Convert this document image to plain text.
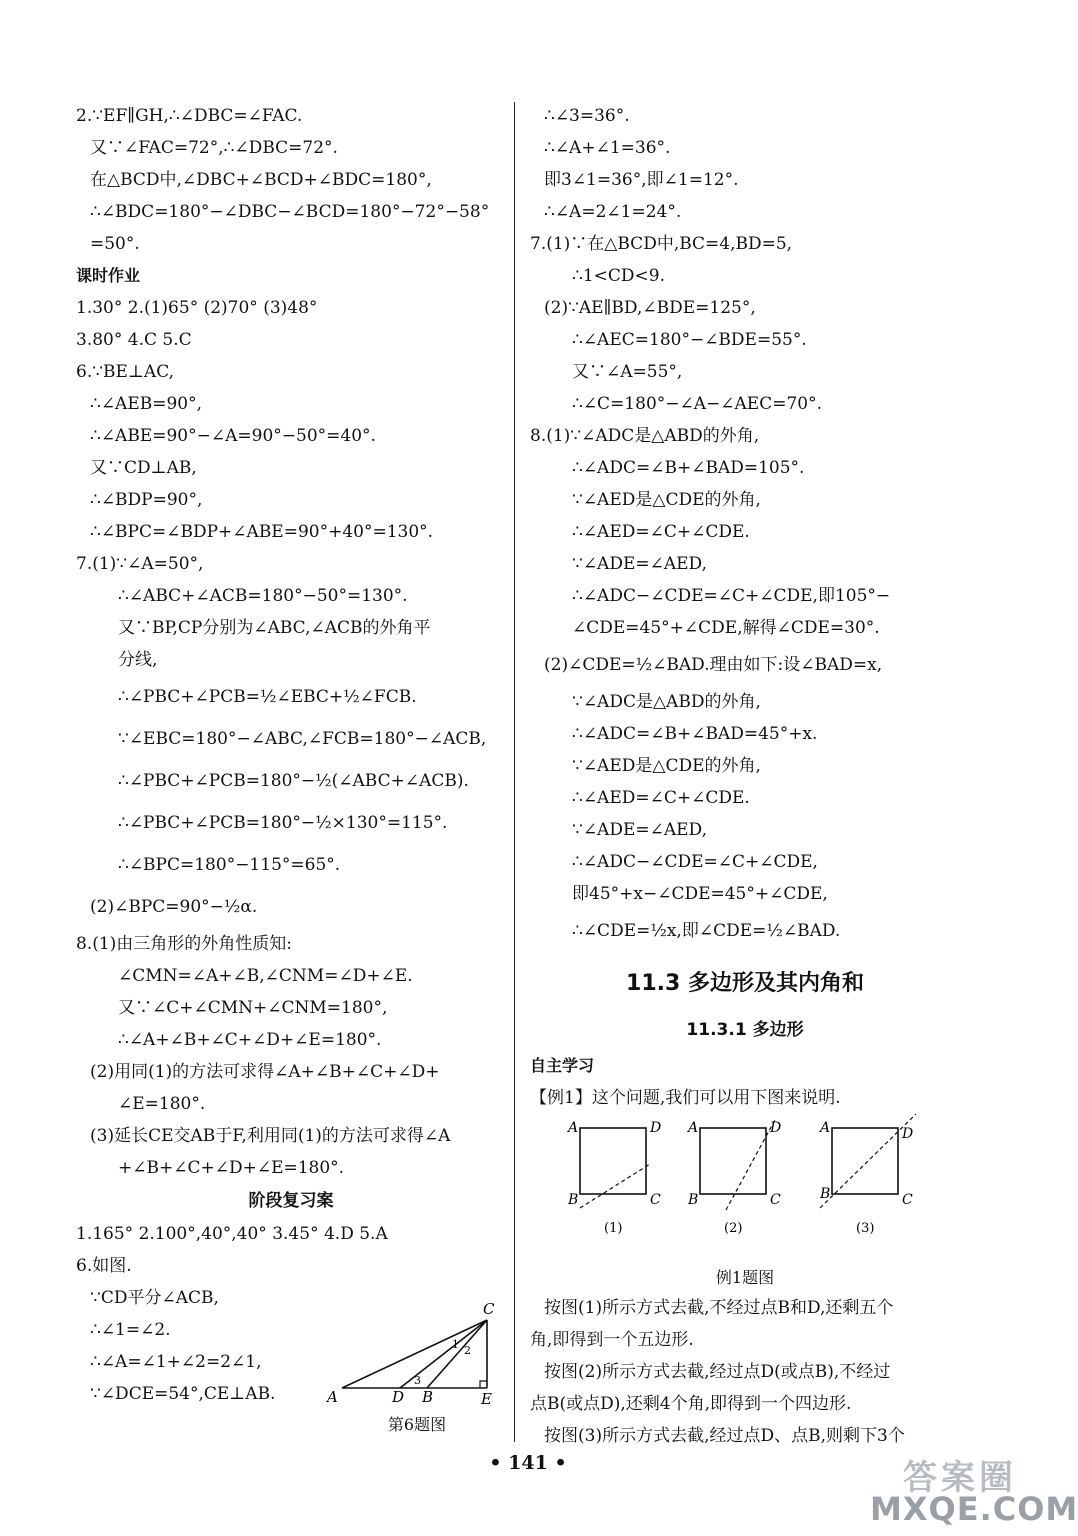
2.∵EF∥GH,∴∠DBC=∠FAC.
又∵∠FAC=72°,∴∠DBC=72°.
在△BCD中,∠DBC+∠BCD+∠BDC=180°,
∴∠BDC=180°−∠DBC−∠BCD=180°−72°−58°
=50°.
课时作业
1.30° 2.(1)65° (2)70° (3)48°
3.80° 4.C 5.C
6.∵BE⊥AC,
∴∠AEB=90°,
∴∠ABE=90°−∠A=90°−50°=40°.
又∵CD⊥AB,
∴∠BDP=90°,
∴∠BPC=∠BDP+∠ABE=90°+40°=130°.
7.(1)∵∠A=50°,
∴∠ABC+∠ACB=180°−50°=130°.
又∵BP,CP分别为∠ABC,∠ACB的外角平
分线,
∴∠PBC+∠PCB=½∠EBC+½∠FCB.
∵∠EBC=180°−∠ABC,∠FCB=180°−∠ACB,
∴∠PBC+∠PCB=180°−½(∠ABC+∠ACB).
∴∠PBC+∠PCB=180°−½×130°=115°.
∴∠BPC=180°−115°=65°.
(2)∠BPC=90°−½α.
8.(1)由三角形的外角性质知:
∠CMN=∠A+∠B,∠CNM=∠D+∠E.
又∵∠C+∠CMN+∠CNM=180°,
∴∠A+∠B+∠C+∠D+∠E=180°.
(2)用同(1)的方法可求得∠A+∠B+∠C+∠D+
∠E=180°.
(3)延长CE交AB于F,利用同(1)的方法可求得∠A
+∠B+∠C+∠D+∠E=180°.
阶段复习案
1.165° 2.100°,40°,40° 3.45° 4.D 5.A
6.如图.
∵CD平分∠ACB,
∴∠1=∠2.
∴∠A=∠1+∠2=2∠1,
∵∠DCE=54°,CE⊥AB.	A	D B	E
C
1 2
3
第6题图
∴∠3=36°.
∴∠A+∠1=36°.
即3∠1=36°,即∠1=12°.
∴∠A=2∠1=24°.
7.(1)∵在△BCD中,BC=4,BD=5,
∴1<CD<9.
(2)∵AE∥BD,∠BDE=125°,
∴∠AEC=180°−∠BDE=55°.
又∵∠A=55°,
∴∠C=180°−∠A−∠AEC=70°.
8.(1)∵∠ADC是△ABD的外角,
∴∠ADC=∠B+∠BAD=105°.
∵∠AED是△CDE的外角,
∴∠AED=∠C+∠CDE.
∵∠ADE=∠AED,
∴∠ADC−∠CDE=∠C+∠CDE,即105°−
∠CDE=45°+∠CDE,解得∠CDE=30°.
(2)∠CDE=½∠BAD.理由如下:设∠BAD=x,
∵∠ADC是△ABD的外角,
∴∠ADC=∠B+∠BAD=45°+x.
∵∠AED是△CDE的外角,
∴∠AED=∠C+∠CDE.
∵∠ADE=∠AED,
∴∠ADC−∠CDE=∠C+∠CDE,
即45°+x−∠CDE=45°+∠CDE,
∴∠CDE=½x,即∠CDE=½∠BAD.
11.3 多边形及其内角和
11.3.1 多边形
自主学习
【例1】这个问题,我们可以用下图来说明.
A	D
B	C
(1)
A	D
B	C
(2)
A	D
B	C
(3)
例1题图
按图(1)所示方式去截,不经过点B和D,还剩五个
角,即得到一个五边形.
按图(2)所示方式去截,经过点D(或点B),不经过
点B(或点D),还剩4个角,即得到一个四边形.
按图(3)所示方式去截,经过点D、点B,则剩下3个
• 141 •	答案圈
MXQE.COM
